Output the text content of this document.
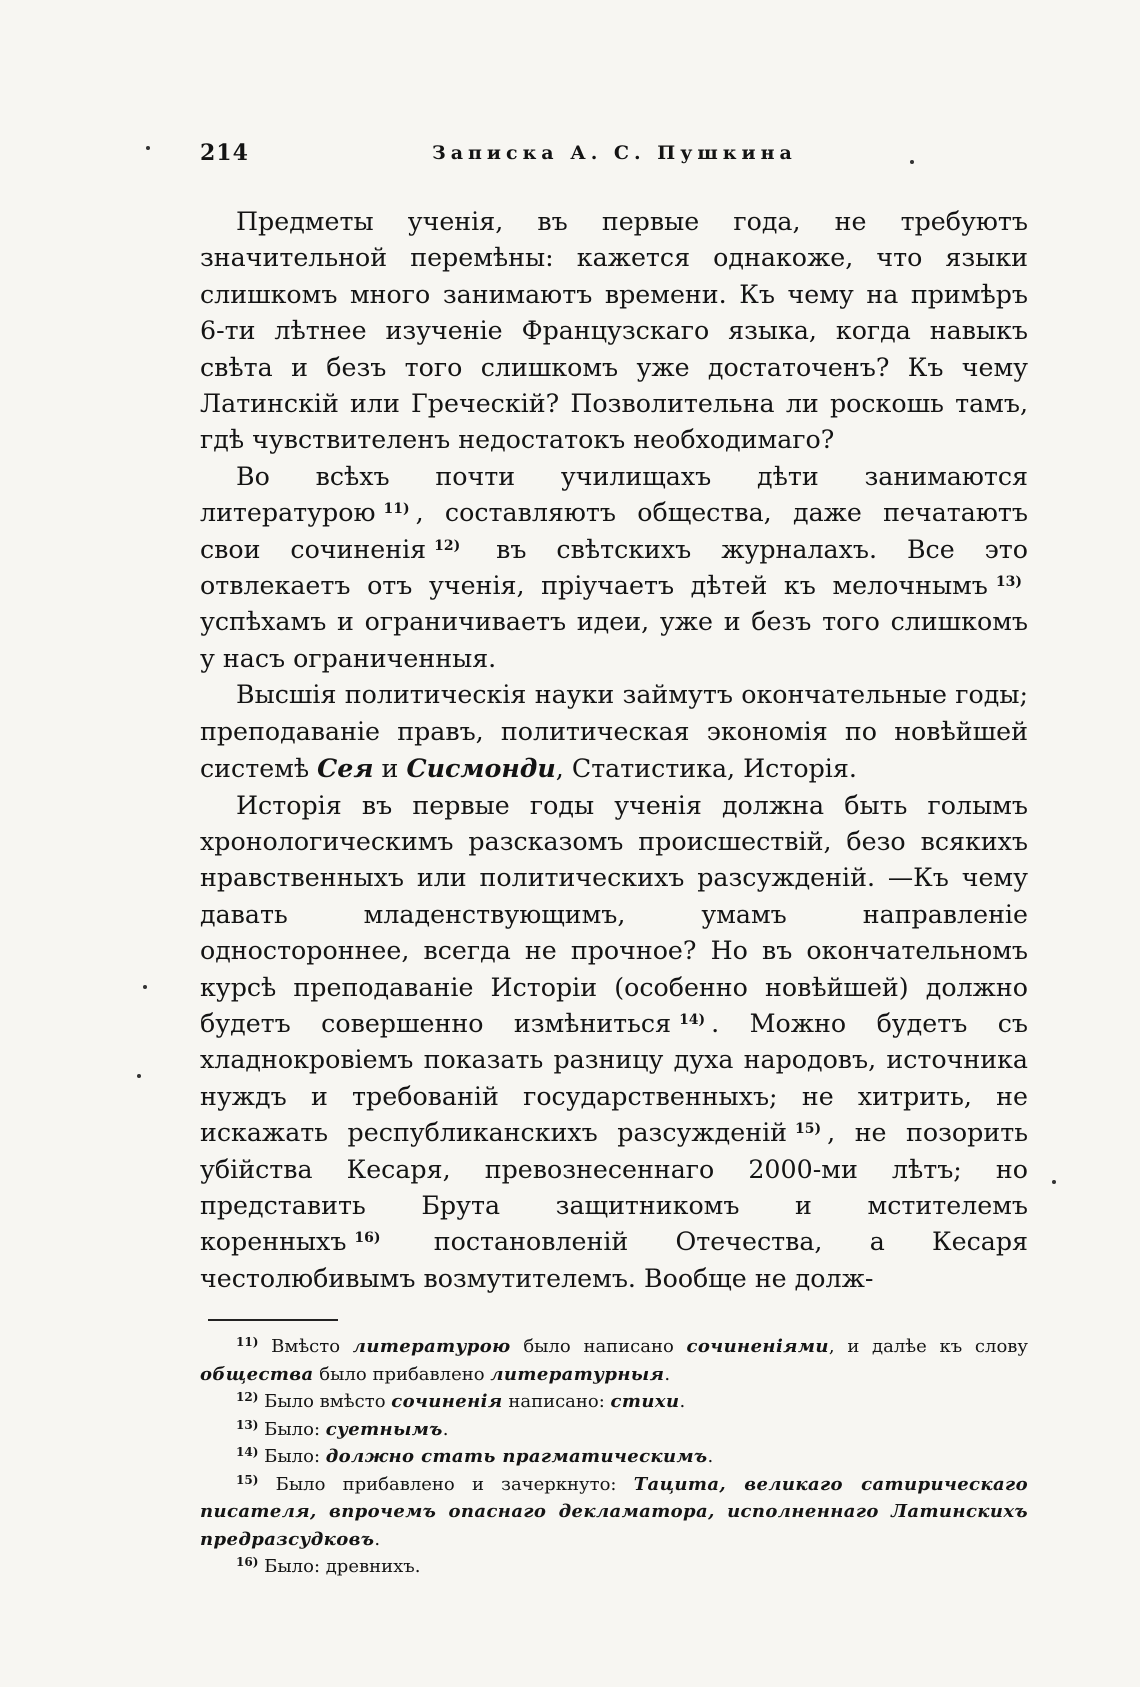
214	Записка А. С. Пушкина

Предметы ученія, въ первые года, не требуютъ значительной перемѣны: кажется однакоже, что языки слишкомъ много занимаютъ времени. Къ чему на примѣръ 6-ти лѣтнее изученіе Французскаго языка, когда навыкъ свѣта и безъ того слишкомъ уже достаточенъ? Къ чему Латинскій или Греческій? Позволительна ли роскошь тамъ, гдѣ чувствителенъ недостатокъ необходимаго?

Во всѣхъ почти училищахъ дѣти занимаются литературою $^{11)}$ , составляютъ общества, даже печатаютъ свои сочиненія $^{12)}$ въ свѣтскихъ журналахъ. Все это отвлекаетъ отъ ученія, пріучаетъ дѣтей къ мелочнымъ $^{13)}$ успѣхамъ и ограничиваетъ идеи, уже и безъ того слишкомъ у насъ ограниченныя.

Высшія политическія науки займутъ окончательные годы; преподаваніе правъ, политическая экономія по новѣйшей системѣ Сея и Сисмонди, Статистика, Исторія.

Исторія въ первые годы ученія должна быть голымъ хронологическимъ разсказомъ происшествій, безо всякихъ нравственныхъ или политическихъ разсужденій. —Къ чему давать младенствующимъ, умамъ направленіе одностороннее, всегда не прочное? Но въ окончательномъ курсѣ преподаваніе Исторіи (особенно новѣйшей) должно будетъ совершенно измѣниться $^{14)}$ . Можно будетъ съ хладнокровіемъ показать разницу духа народовъ, источника нуждъ и требованій государственныхъ; не хитрить, не искажать республиканскихъ разсужденій $^{15)}$ , не позорить убійства Кесаря, превознесеннаго 2000-ми лѣтъ; но представить Брута защитникомъ и мстителемъ коренныхъ $^{16)}$ постановленій Отечества, а Кесаря честолюбивымъ возмутителемъ. Вообще не долж-

$^{11)}$ Вмѣсто литературою было написано сочиненіями, и далѣе къ слову общества было прибавлено литературныя.

$^{12)}$ Было вмѣсто сочиненія написано: стихи.

$^{13)}$ Было: суетнымъ.

$^{14)}$ Было: должно стать прагматическимъ.

$^{15)}$ Было прибавлено и зачеркнуто: Тацита, великаго сатирическаго писателя, впрочемъ опаснаго декламатора, исполненнаго Латинскихъ предразсудковъ.

$^{16)}$ Было: древнихъ.
